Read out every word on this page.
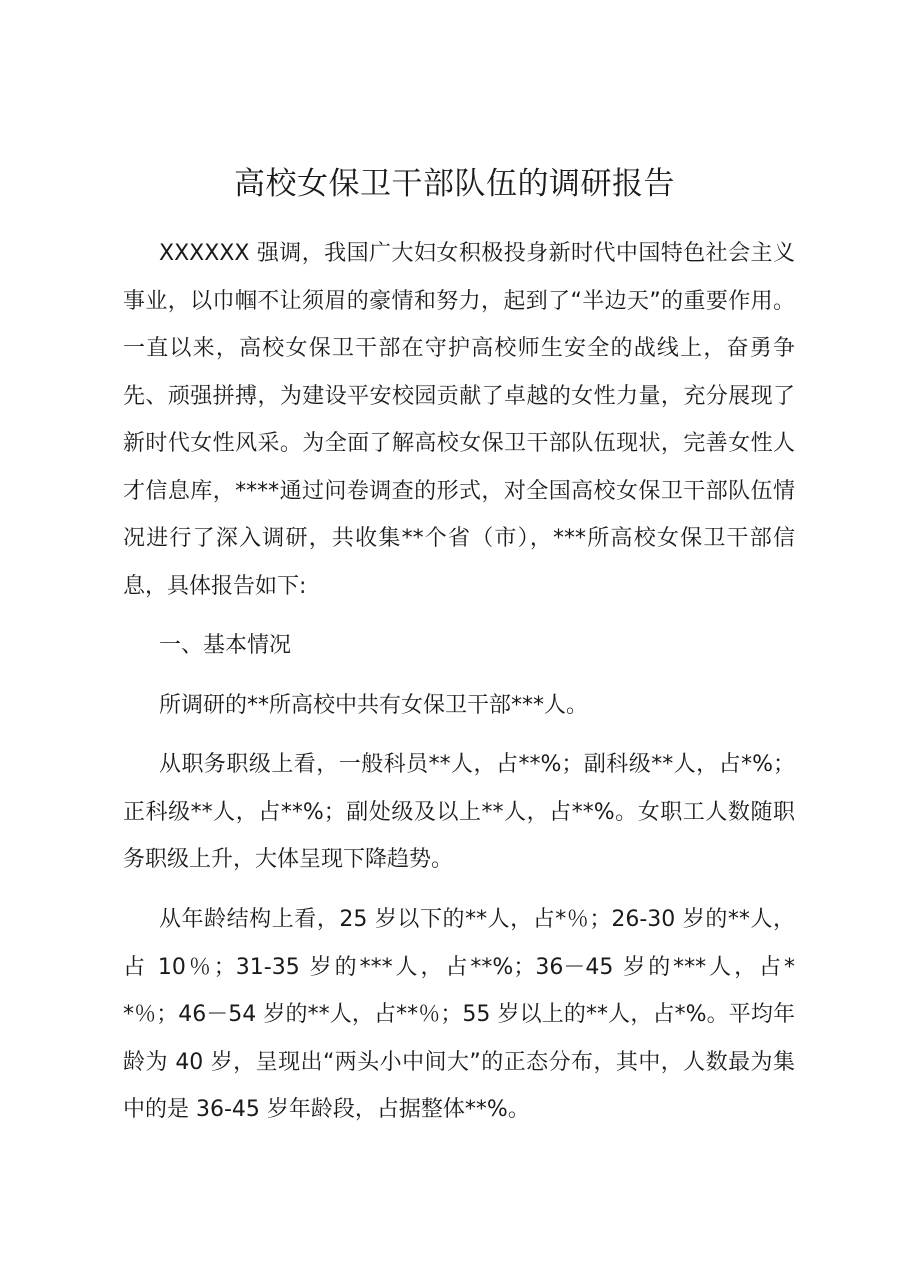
高校女保卫干部队伍的调研报告

XXXXXX 强调，我国广大妇女积极投身新时代中国特色社会主义事业，以巾帼不让须眉的豪情和努力，起到了“半边天”的重要作用。一直以来，高校女保卫干部在守护高校师生安全的战线上，奋勇争先、顽强拼搏，为建设平安校园贡献了卓越的女性力量，充分展现了新时代女性风采。为全面了解高校女保卫干部队伍现状，完善女性人才信息库，****通过问卷调查的形式，对全国高校女保卫干部队伍情况进行了深入调研，共收集**个省（市），***所高校女保卫干部信息，具体报告如下:

一、基本情况

所调研的**所高校中共有女保卫干部***人。

从职务职级上看，一般科员**人，占**%；副科级**人，占*%；正科级**人，占**%；副处级及以上**人，占**%。女职工人数随职务职级上升，大体呈现下降趋势。

从年龄结构上看，25 岁以下的**人，占*％；26-30 岁的**人，占 10％；31-35 岁的***人，占**%；36－45 岁的***人，占**％；46－54 岁的**人，占**％；55 岁以上的**人，占*%。平均年龄为 40 岁，呈现出“两头小中间大”的正态分布，其中，人数最为集中的是 36-45 岁年龄段，占据整体**%。
